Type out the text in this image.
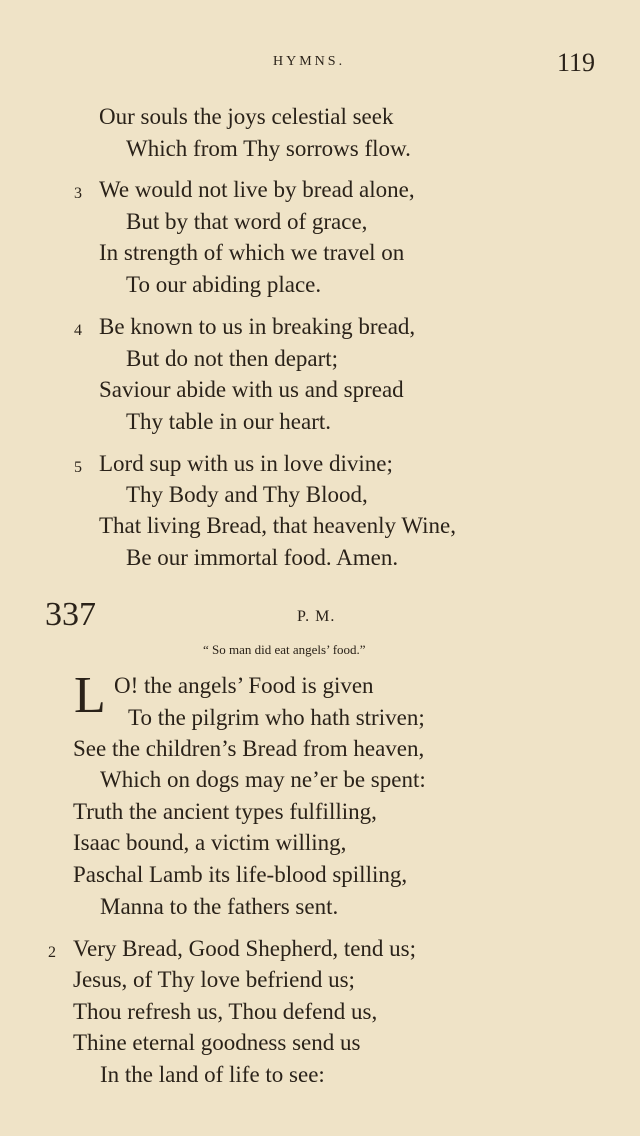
HYMNS.	119
Our souls the joys celestial seek
Which from Thy sorrows flow.
3 We would not live by bread alone,
But by that word of grace,
In strength of which we travel on
To our abiding place.
4 Be known to us in breaking bread,
But do not then depart;
Saviour abide with us and spread
Thy table in our heart.
5 Lord sup with us in love divine;
Thy Body and Thy Blood,
That living Bread, that heavenly Wine,
Be our immortal food. Amen.
337	P. M.
“ So man did eat angels’ food.”
L O! the angels’ Food is given
To the pilgrim who hath striven;
See the children’s Bread from heaven,
Which on dogs may ne’er be spent:
Truth the ancient types fulfilling,
Isaac bound, a victim willing,
Paschal Lamb its life-blood spilling,
Manna to the fathers sent.
2 Very Bread, Good Shepherd, tend us;
Jesus, of Thy love befriend us;
Thou refresh us, Thou defend us,
Thine eternal goodness send us
In the land of life to see:
